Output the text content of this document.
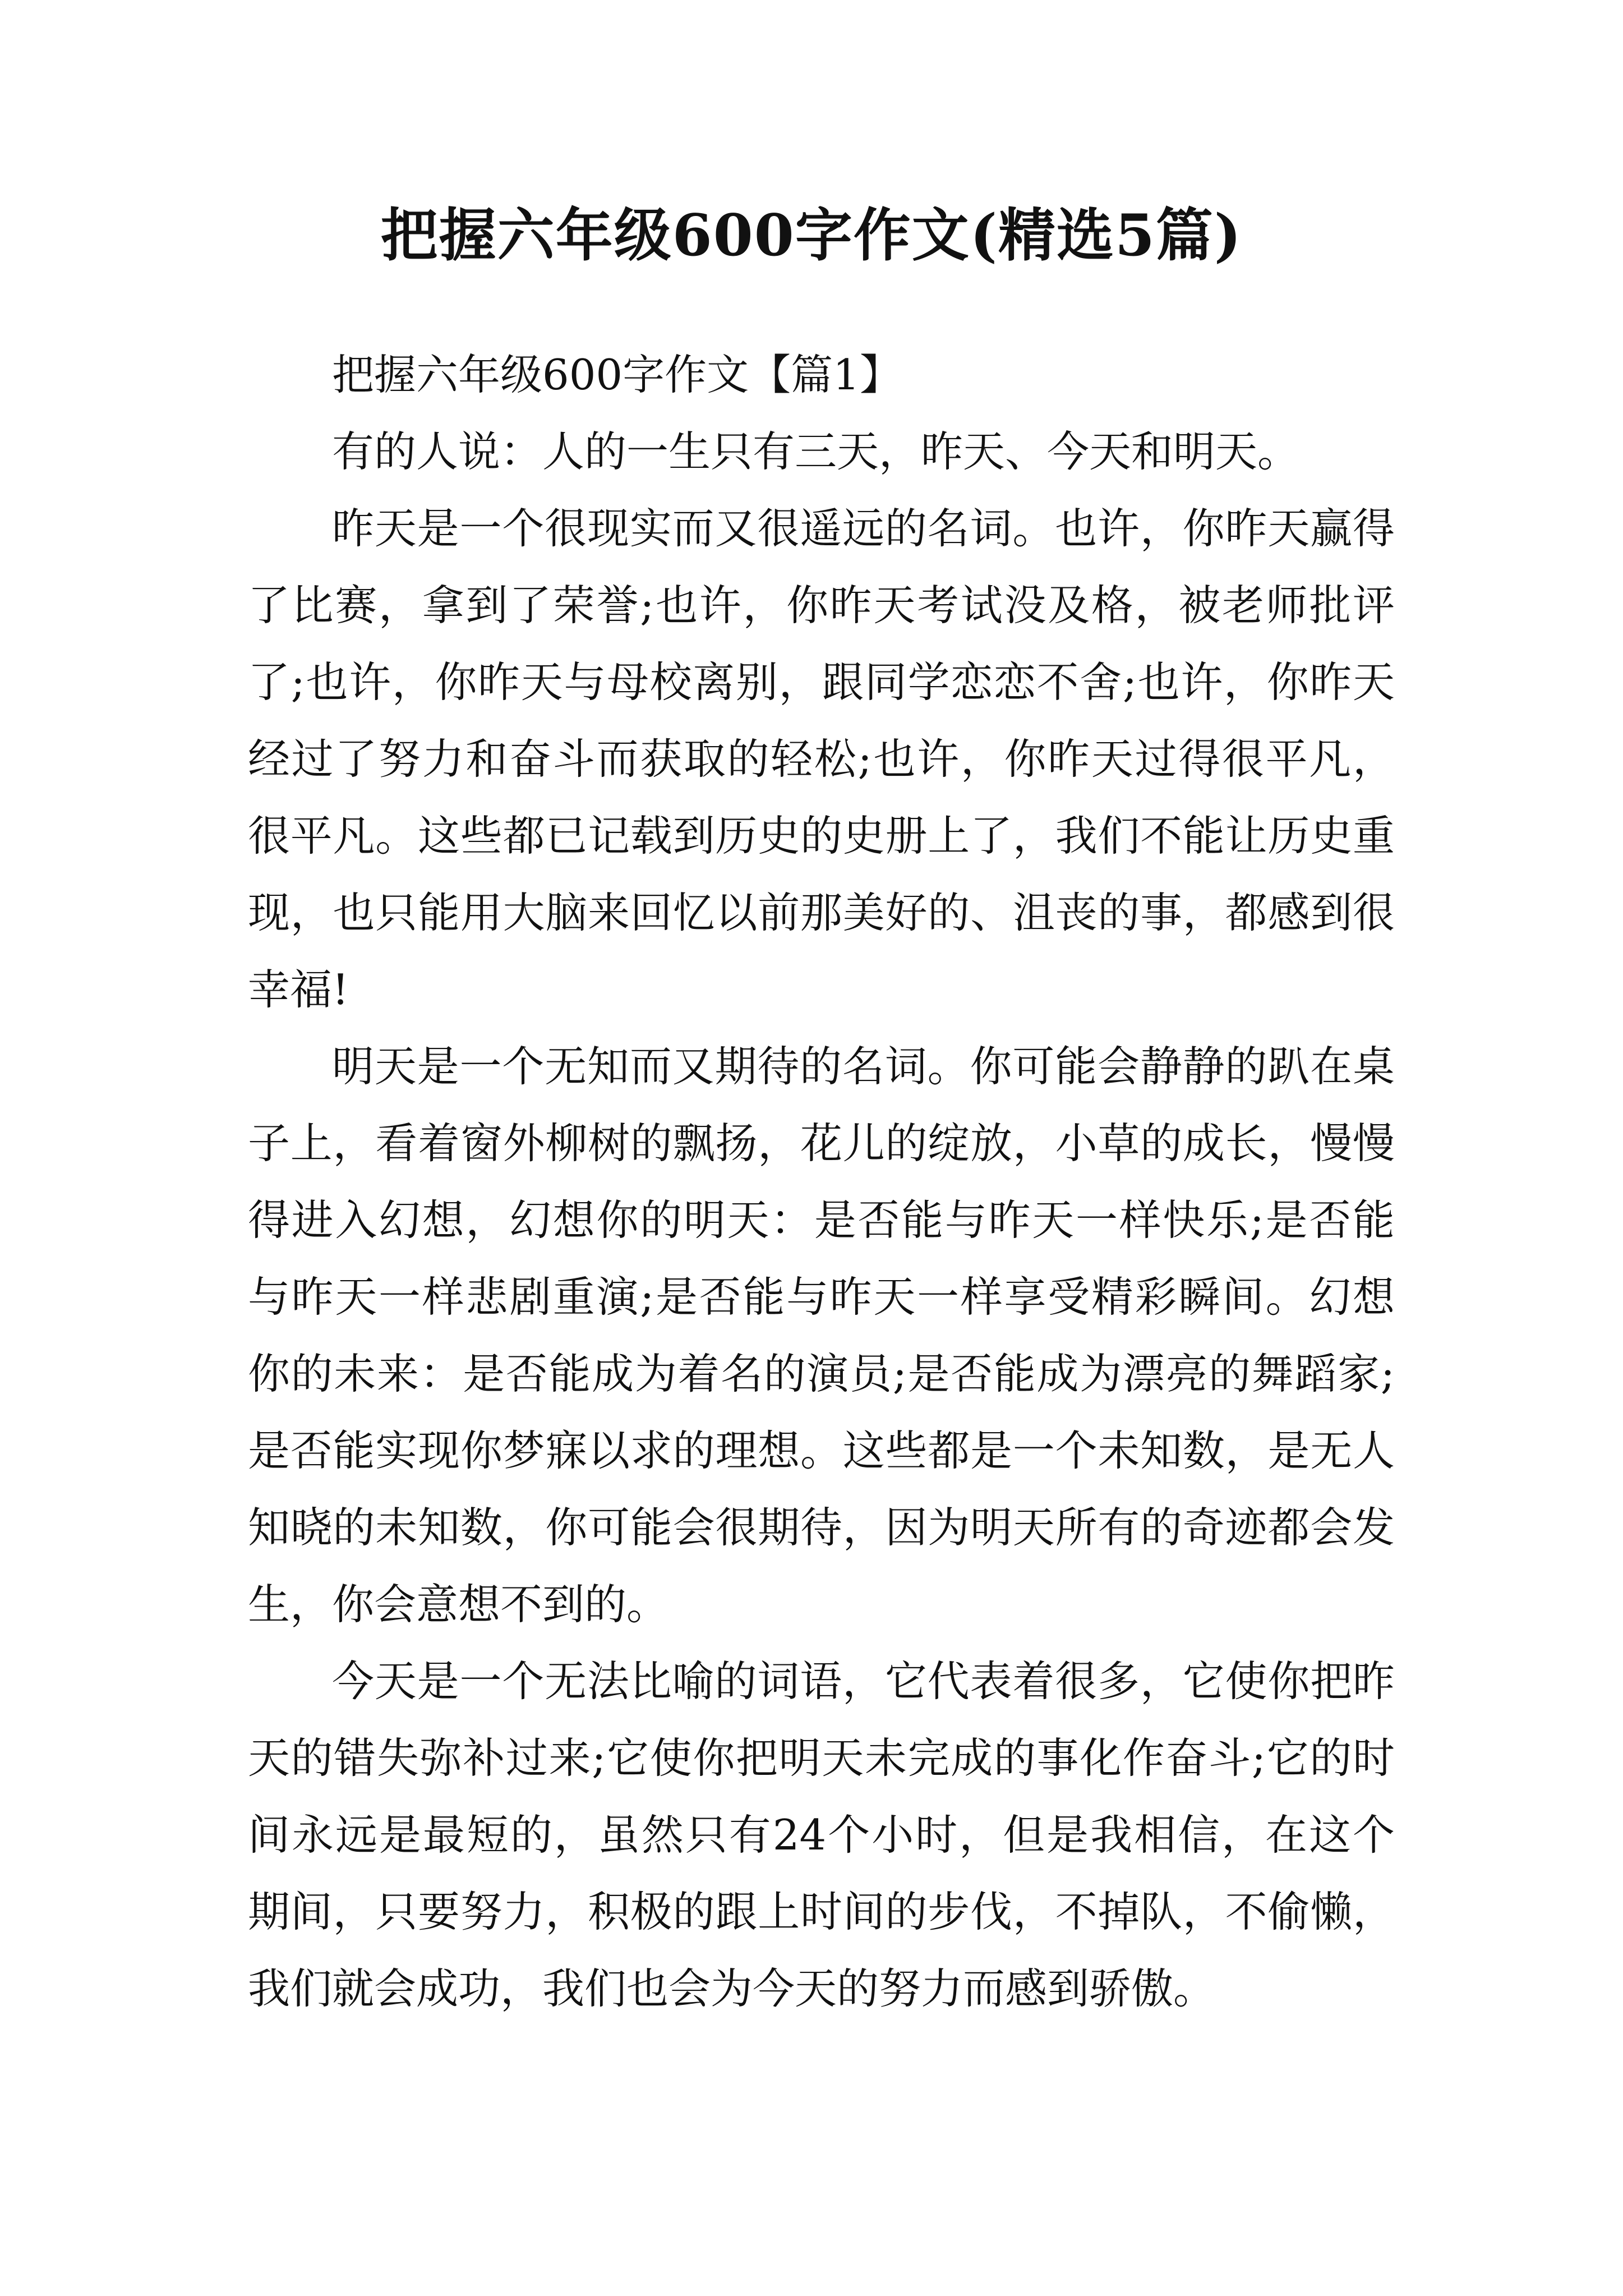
把握六年级600字作文(精选5篇)

把握六年级600字作文【篇1】

有的人说：人的一生只有三天，昨天、今天和明天。

昨天是一个很现实而又很遥远的名词。也许，你昨天赢得了比赛，拿到了荣誉;也许，你昨天考试没及格，被老师批评了;也许，你昨天与母校离别，跟同学恋恋不舍;也许，你昨天经过了努力和奋斗而获取的轻松;也许，你昨天过得很平凡，很平凡。这些都已记载到历史的史册上了，我们不能让历史重现，也只能用大脑来回忆以前那美好的、沮丧的事，都感到很幸福!

明天是一个无知而又期待的名词。你可能会静静的趴在桌子上，看着窗外柳树的飘扬，花儿的绽放，小草的成长，慢慢得进入幻想，幻想你的明天：是否能与昨天一样快乐;是否能与昨天一样悲剧重演;是否能与昨天一样享受精彩瞬间。幻想你的未来：是否能成为着名的演员;是否能成为漂亮的舞蹈家;是否能实现你梦寐以求的理想。这些都是一个未知数，是无人知晓的未知数，你可能会很期待，因为明天所有的奇迹都会发生，你会意想不到的。

今天是一个无法比喻的词语，它代表着很多，它使你把昨天的错失弥补过来;它使你把明天未完成的事化作奋斗;它的时间永远是最短的，虽然只有24个小时，但是我相信，在这个期间，只要努力，积极的跟上时间的步伐，不掉队，不偷懒，我们就会成功，我们也会为今天的努力而感到骄傲。
